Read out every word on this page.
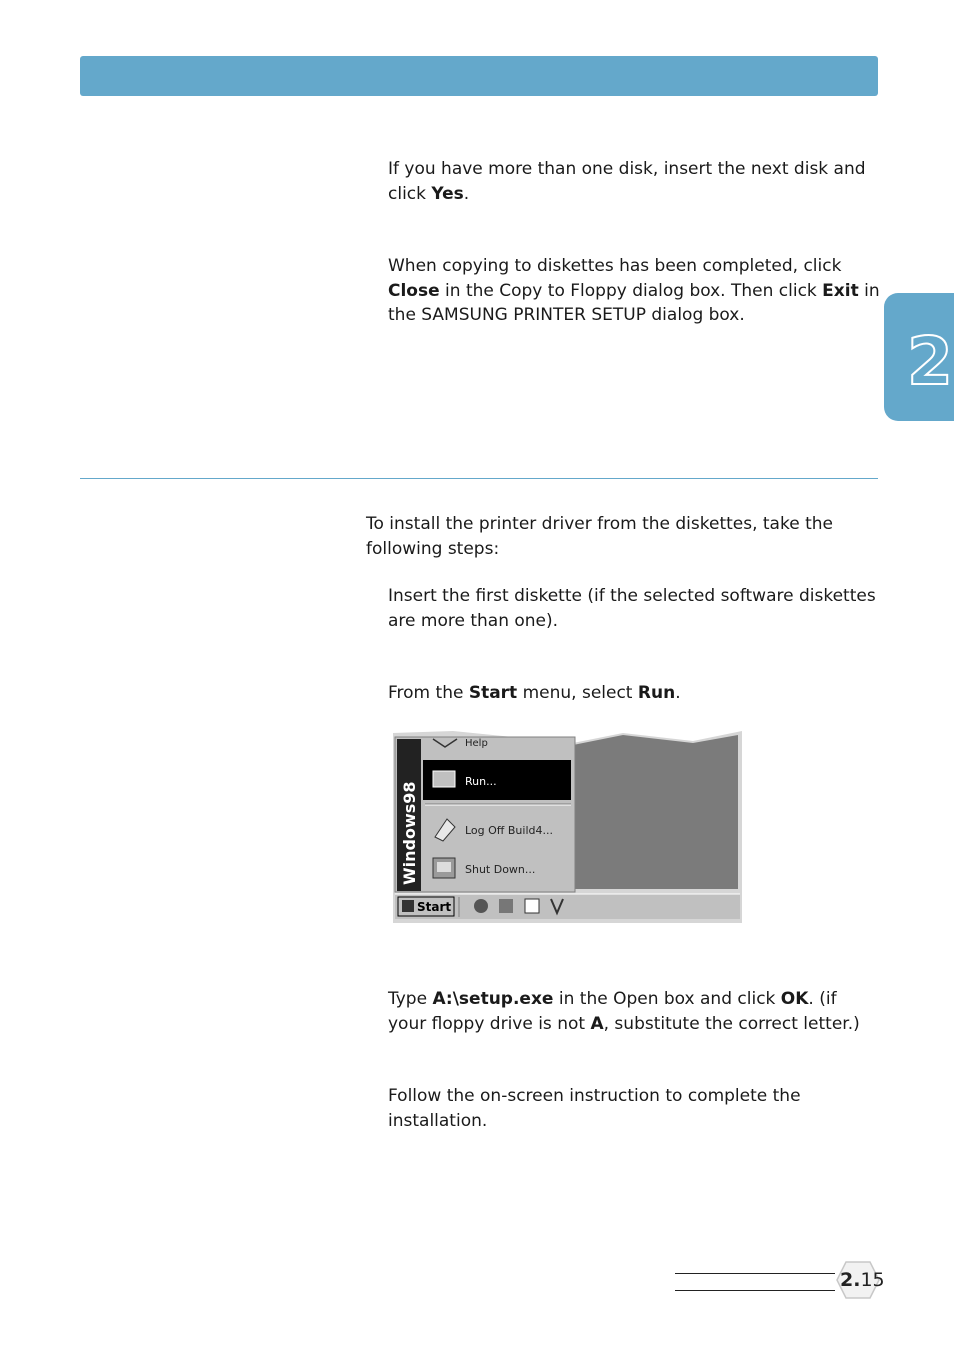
2

If you have more than one disk, insert the next disk and
click Yes.

When copying to diskettes has been completed, click
Close in the Copy to Floppy dialog box. Then click Exit in
the SAMSUNG PRINTER SETUP dialog box.

To install the printer driver from the diskettes, take the
following steps:

Insert the first diskette (if the selected software diskettes
are more than one).

From the Start menu, select Run.

Windows98
Help
Run...
Log Off Build4...
Shut Down...
Start

Type A:\setup.exe in the Open box and click OK. (if
your floppy drive is not A, substitute the correct letter.)

Follow the on-screen instruction to complete the
installation.

2.15
